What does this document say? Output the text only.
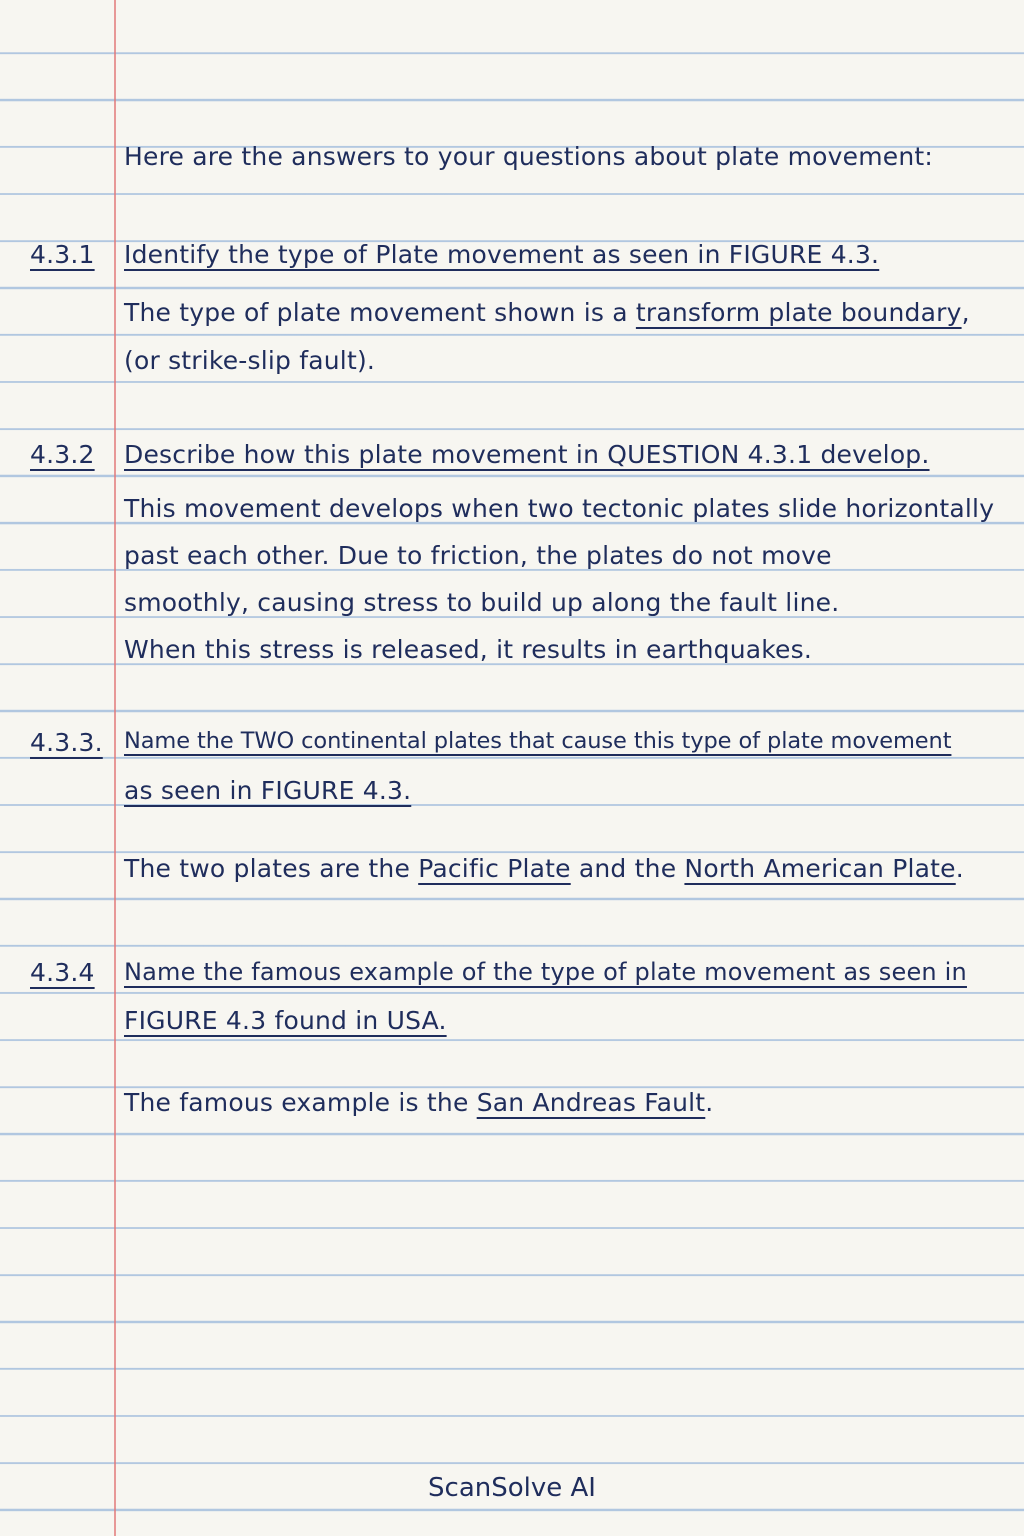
Here are the answers to your questions about plate movement:

4.3.1 Identify the type of Plate movement as seen in FIGURE 4.3.

The type of plate movement shown is a transform plate boundary,

(or strike-slip fault).

4.3.2 Describe how this plate movement in QUESTION 4.3.1 develop.

This movement develops when two tectonic plates slide horizontally

past each other. Due to friction, the plates do not move

smoothly, causing stress to build up along the fault line.

When this stress is released, it results in earthquakes.

4.3.3. Name the TWO continental plates that cause this type of plate movement

as seen in FIGURE 4.3.

The two plates are the Pacific Plate and the North American Plate.

4.3.4 Name the famous example of the type of plate movement as seen in

FIGURE 4.3 found in USA.

The famous example is the San Andreas Fault.

ScanSolve AI
